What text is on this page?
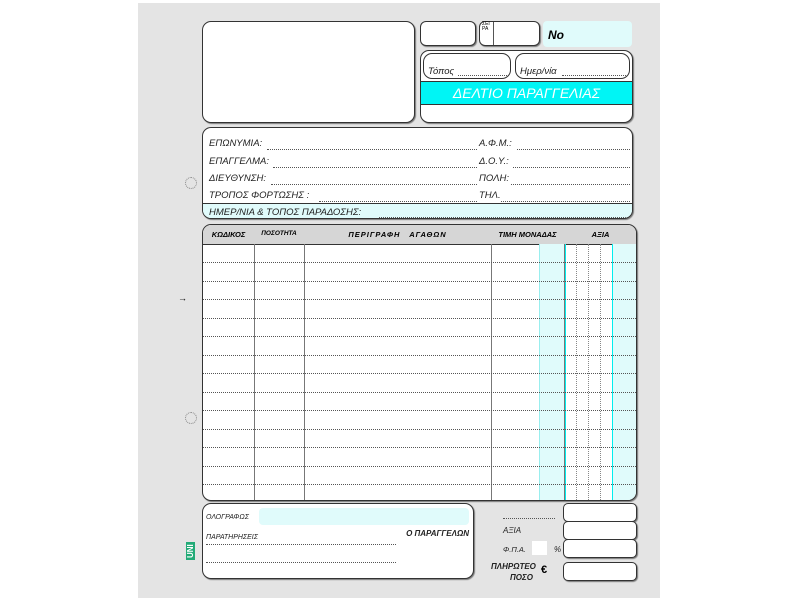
ΣΕΙΡΑ	No
Τόπος	Ημερ/νία
ΔΕΛΤΙΟ ΠΑΡΑΓΓΕΛΙΑΣ
ΕΠΩΝΥΜΙΑ:	Α.Φ.Μ.:
ΕΠΑΓΓΕΛΜΑ:	Δ.Ο.Υ.:
ΔΙΕΥΘΥΝΣΗ:	ΠΟΛΗ:
ΤΡΟΠΟΣ ΦΟΡΤΩΣΗΣ :	ΤΗΛ.
ΗΜΕΡ/ΝΙΑ & ΤΟΠΟΣ ΠΑΡΑΔΟΣΗΣ:
→
ΚΩΔΙΚΟΣ	ΠΟΣΟΤΗΤΑ	ΠΕΡΙΓΡΑΦΗ ΑΓΑΘΩΝ	ΤΙΜΗ ΜΟΝΑΔΑΣ	ΑΞΙΑ
ΟΛΟΓΡΑΦΩΣ
Ο ΠΑΡΑΓΓΕΛΩΝ
ΠΑΡΑΤΗΡΗΣΕΙΣ
UNI
ΑΞΙΑ
Φ.Π.Α.	%
ΠΛΗΡΩΤΕΟ
ΠΟΣΟ
€
